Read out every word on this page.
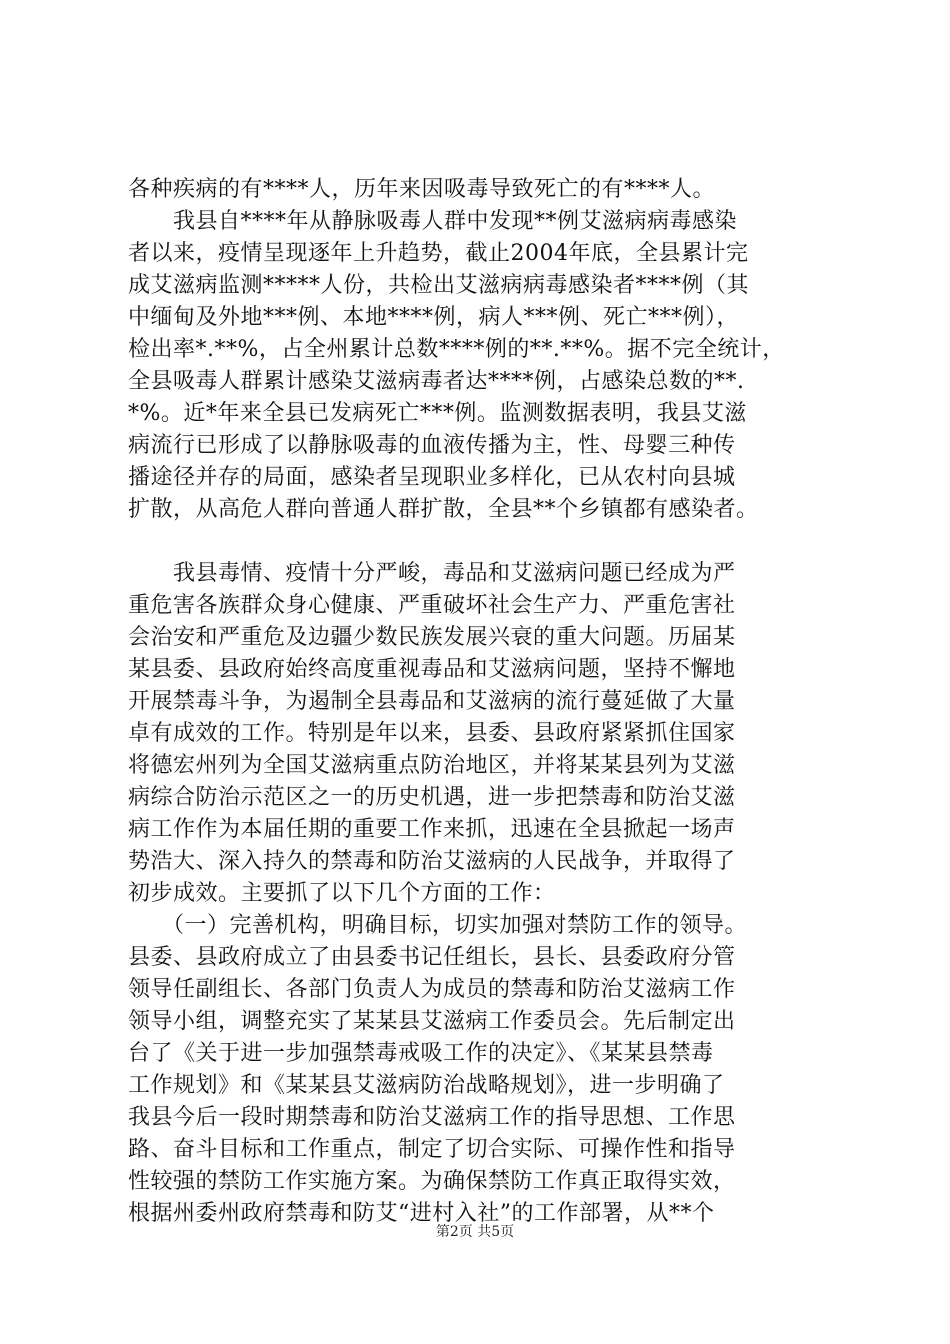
各种疾病的有****人，历年来因吸毒导致死亡的有****人。
　　我县自****年从静脉吸毒人群中发现**例艾滋病病毒感染
者以来，疫情呈现逐年上升趋势，截止2004年底，全县累计完
成艾滋病监测*****人份，共检出艾滋病病毒感染者****例（其
中缅甸及外地***例、本地****例，病人***例、死亡***例），
检出率*.**%，占全州累计总数****例的**.**%。据不完全统计，
全县吸毒人群累计感染艾滋病毒者达****例，占感染总数的**.
*%。近*年来全县已发病死亡***例。监测数据表明，我县艾滋
病流行已形成了以静脉吸毒的血液传播为主，性、母婴三种传
播途径并存的局面，感染者呈现职业多样化，已从农村向县城
扩散，从高危人群向普通人群扩散，全县**个乡镇都有感染者。
　　我县毒情、疫情十分严峻，毒品和艾滋病问题已经成为严
重危害各族群众身心健康、严重破坏社会生产力、严重危害社
会治安和严重危及边疆少数民族发展兴衰的重大问题。历届某
某县委、县政府始终高度重视毒品和艾滋病问题，坚持不懈地
开展禁毒斗争，为遏制全县毒品和艾滋病的流行蔓延做了大量
卓有成效的工作。特别是年以来，县委、县政府紧紧抓住国家
将德宏州列为全国艾滋病重点防治地区，并将某某县列为艾滋
病综合防治示范区之一的历史机遇，进一步把禁毒和防治艾滋
病工作作为本届任期的重要工作来抓，迅速在全县掀起一场声
势浩大、深入持久的禁毒和防治艾滋病的人民战争，并取得了
初步成效。主要抓了以下几个方面的工作：
　　（一）完善机构，明确目标，切实加强对禁防工作的领导。
县委、县政府成立了由县委书记任组长，县长、县委政府分管
领导任副组长、各部门负责人为成员的禁毒和防治艾滋病工作
领导小组，调整充实了某某县艾滋病工作委员会。先后制定出
台了《关于进一步加强禁毒戒吸工作的决定》、《某某县禁毒
工作规划》和《某某县艾滋病防治战略规划》，进一步明确了
我县今后一段时期禁毒和防治艾滋病工作的指导思想、工作思
路、奋斗目标和工作重点，制定了切合实际、可操作性和指导
性较强的禁防工作实施方案。为确保禁防工作真正取得实效，
根据州委州政府禁毒和防艾“进村入社”的工作部署，从**个
第2页 共5页
